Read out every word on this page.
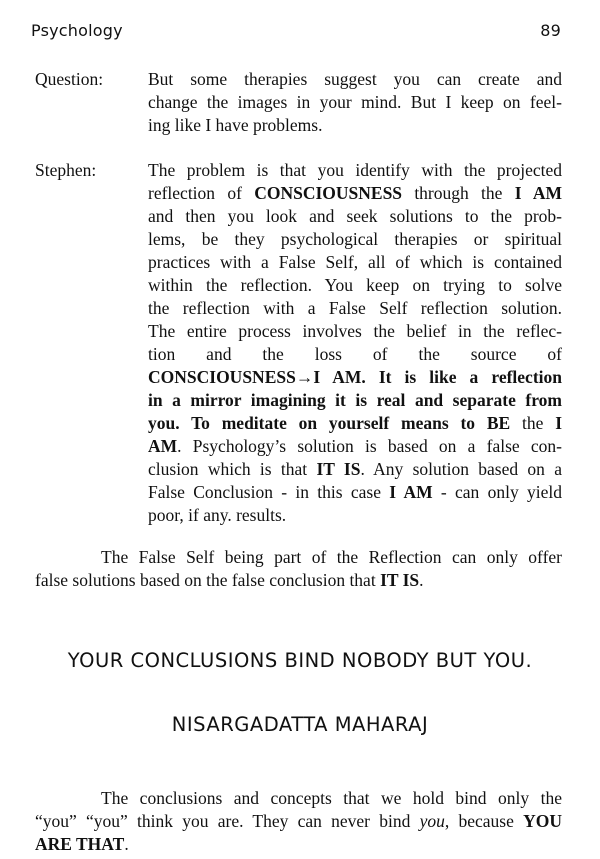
Psychology	89
Question:	But some therapies suggest you can create and
change the images in your mind. But I keep on feel-
ing like I have problems.
Stephen:	The problem is that you identify with the projected
reflection of CONSCIOUSNESS through the I AM
and then you look and seek solutions to the prob-
lems, be they psychological therapies or spiritual
practices with a False Self, all of which is contained
within the reflection. You keep on trying to solve
the reflection with a False Self reflection solution.
The entire process involves the belief in the reflec-
tion and the loss of the source of
CONSCIOUSNESS→I AM. It is like a reflection
in a mirror imagining it is real and separate from
you. To meditate on yourself means to BE the I
AM. Psychology’s solution is based on a false con-
clusion which is that IT IS. Any solution based on a
False Conclusion - in this case I AM - can only yield
poor, if any. results.
The False Self being part of the Reflection can only offer
false solutions based on the false conclusion that IT IS.
YOUR CONCLUSIONS BIND NOBODY BUT YOU.
NISARGADATTA MAHARAJ
The conclusions and concepts that we hold bind only the
“you” “you” think you are. They can never bind you, because YOU
ARE THAT.
